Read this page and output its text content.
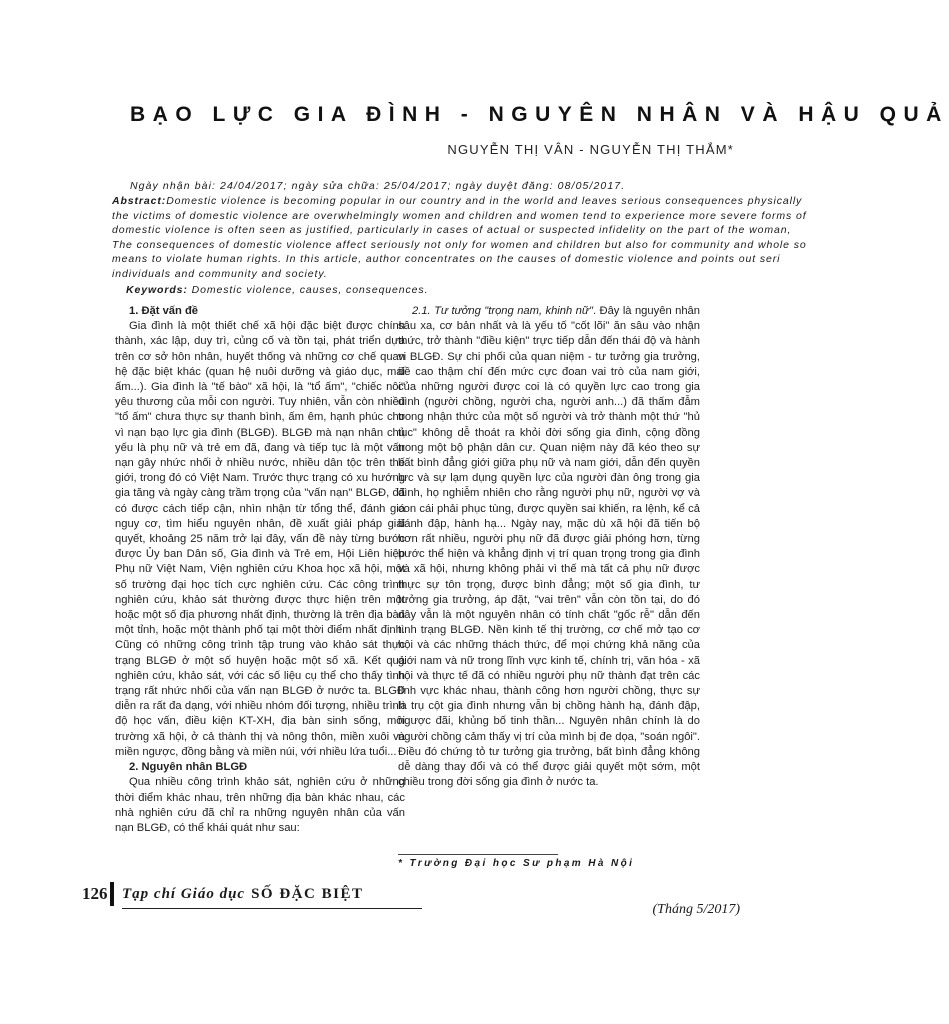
BẠO LỰC GIA ĐÌNH - NGUYÊN NHÂN VÀ HẬU QUẢ
NGUYỄN THỊ VÂN - NGUYỄN THỊ THẮM*
Ngày nhận bài: 24/04/2017; ngày sửa chữa: 25/04/2017; ngày duyệt đăng: 08/05/2017.
Abstract:Domestic violence is becoming popular in our country and in the world and leaves serious consequences physically
the victims of domestic violence are overwhelmingly women and children and women tend to experience more severe forms of
domestic violence is often seen as justified, particularly in cases of actual or suspected infidelity on the part of the woman,
The consequences of domestic violence affect seriously not only for women and children but also for community and whole so
means to violate human rights. In this article, author concentrates on the causes of domestic violence and points out seri
individuals and community and society.
Keywords: Domestic violence, causes, consequences.
1. Đặt vấn đề

Gia đình là một thiết chế xã hội đặc biệt được chính thành, xác lập, duy trì, củng cố và tồn tại, phát triển dựa trên cơ sở hôn nhân, huyết thống và những cơ chế quan hệ đặc biệt khác (quan hệ nuôi dưỡng và giáo dục, mái ấm...). Gia đình là "tế bào" xã hội, là "tổ ấm", "chiếc nôi" yêu thương của mỗi con người. Tuy nhiên, vẫn còn nhiều "tổ ấm" chưa thực sự thanh bình, ấm êm, hạnh phúc cho vì nạn bạo lực gia đình (BLGĐ). BLGĐ mà nạn nhân chủ yếu là phụ nữ và trẻ em đã, đang và tiếp tục là một vấn nạn gây nhức nhối ở nhiều nước, nhiều dân tộc trên thế giới, trong đó có Việt Nam. Trước thực trạng có xu hướng gia tăng và ngày càng trầm trọng của "vấn nạn" BLGĐ, đã có được cách tiếp cận, nhìn nhận từ tổng thể, đánh giá nguy cơ, tìm hiểu nguyên nhân, đề xuất giải pháp giải quyết, khoảng 25 năm trở lại đây, vấn đề này từng bước được Ủy ban Dân số, Gia đình và Trẻ em, Hội Liên hiệp Phụ nữ Việt Nam, Viện nghiên cứu Khoa học xã hội, một số trường đại học tích cực nghiên cứu. Các công trình nghiên cứu, khảo sát thường được thực hiện trên một hoặc một số địa phương nhất định, thường là trên địa bàn một tỉnh, hoặc một thành phố tại một thời điểm nhất định. Cũng có những công trình tập trung vào khảo sát thực trạng BLGĐ ở một số huyện hoặc một số xã. Kết quả nghiên cứu, khảo sát, với các số liệu cụ thể cho thấy tình trạng rất nhức nhối của vấn nạn BLGĐ ở nước ta. BLGĐ diễn ra rất đa dạng, với nhiều nhóm đối tượng, nhiều trình độ học vấn, điều kiện KT-XH, địa bàn sinh sống, môi trường xã hội, ở cả thành thị và nông thôn, miền xuôi và miền ngược, đồng bằng và miền núi, với nhiều lứa tuổi...

2. Nguyên nhân BLGĐ

Qua nhiều công trình khảo sát, nghiên cứu ở những thời điểm khác nhau, trên những địa bàn khác nhau, các nhà nghiên cứu đã chỉ ra những nguyên nhân của vấn nạn BLGĐ, có thể khái quát như sau:

2.1. Tư tưởng "trọng nam, khinh nữ". Đây là nguyên nhân sâu xa, cơ bản nhất và là yếu tố "cốt lõi" ăn sâu vào nhận thức, trở thành "điều kiện" trực tiếp dẫn đến thái độ và hành vi BLGĐ. Sự chi phối của quan niệm - tư tưởng gia trưởng, đề cao thậm chí đến mức cực đoan vai trò của nam giới, của những người được coi là có quyền lực cao trong gia đình (người chồng, người cha, người anh...) đã thấm đẫm trong nhận thức của một số người và trở thành một thứ "hủ tục" không dễ thoát ra khỏi đời sống gia đình, cộng đồng trong một bộ phận dân cư. Quan niệm này đã kéo theo sự bất bình đẳng giới giữa phụ nữ và nam giới, dẫn đến quyền lực và sự lạm dụng quyền lực của người đàn ông trong gia đình, họ nghiễm nhiên cho rằng người phụ nữ, người vợ và con cái phải phục tùng, được quyền sai khiến, ra lệnh, kể cả đánh đập, hành hạ... Ngày nay, mặc dù xã hội đã tiến bộ hơn rất nhiều, người phụ nữ đã được giải phóng hơn, từng bước thể hiện và khẳng định vị trí quan trọng trong gia đình và xã hội, nhưng không phải vì thế mà tất cả phụ nữ được thực sự tôn trọng, được bình đẳng; một số gia đình, tư tưởng gia trưởng, áp đặt, "vai trên" vẫn còn tồn tại, do đó đây vẫn là một nguyên nhân có tính chất "gốc rễ" dẫn đến tình trạng BLGĐ. Nền kinh tế thị trường, cơ chế mở tạo cơ hội và các những thách thức, để mọi chứng khả năng của giới nam và nữ trong lĩnh vực kinh tế, chính trị, văn hóa - xã hội và thực tế đã có nhiều người phụ nữ thành đạt trên các lĩnh vực khác nhau, thành công hơn người chồng, thực sự là trụ cột gia đình nhưng vẫn bị chồng hành hạ, đánh đập, ngược đãi, khủng bố tinh thần... Nguyên nhân chính là do người chồng cảm thấy vị trí của mình bị đe dọa, "soán ngôi". Điều đó chứng tỏ tư tưởng gia trưởng, bất bình đẳng không dễ dàng thay đổi và có thể được giải quyết một sớm, một chiều trong đời sống gia đình ở nước ta.

* Trường Đại học Sư phạm Hà Nội
126 Tạp chí Giáo dục SỐ ĐẶC BIỆT
(Tháng 5/2017)
